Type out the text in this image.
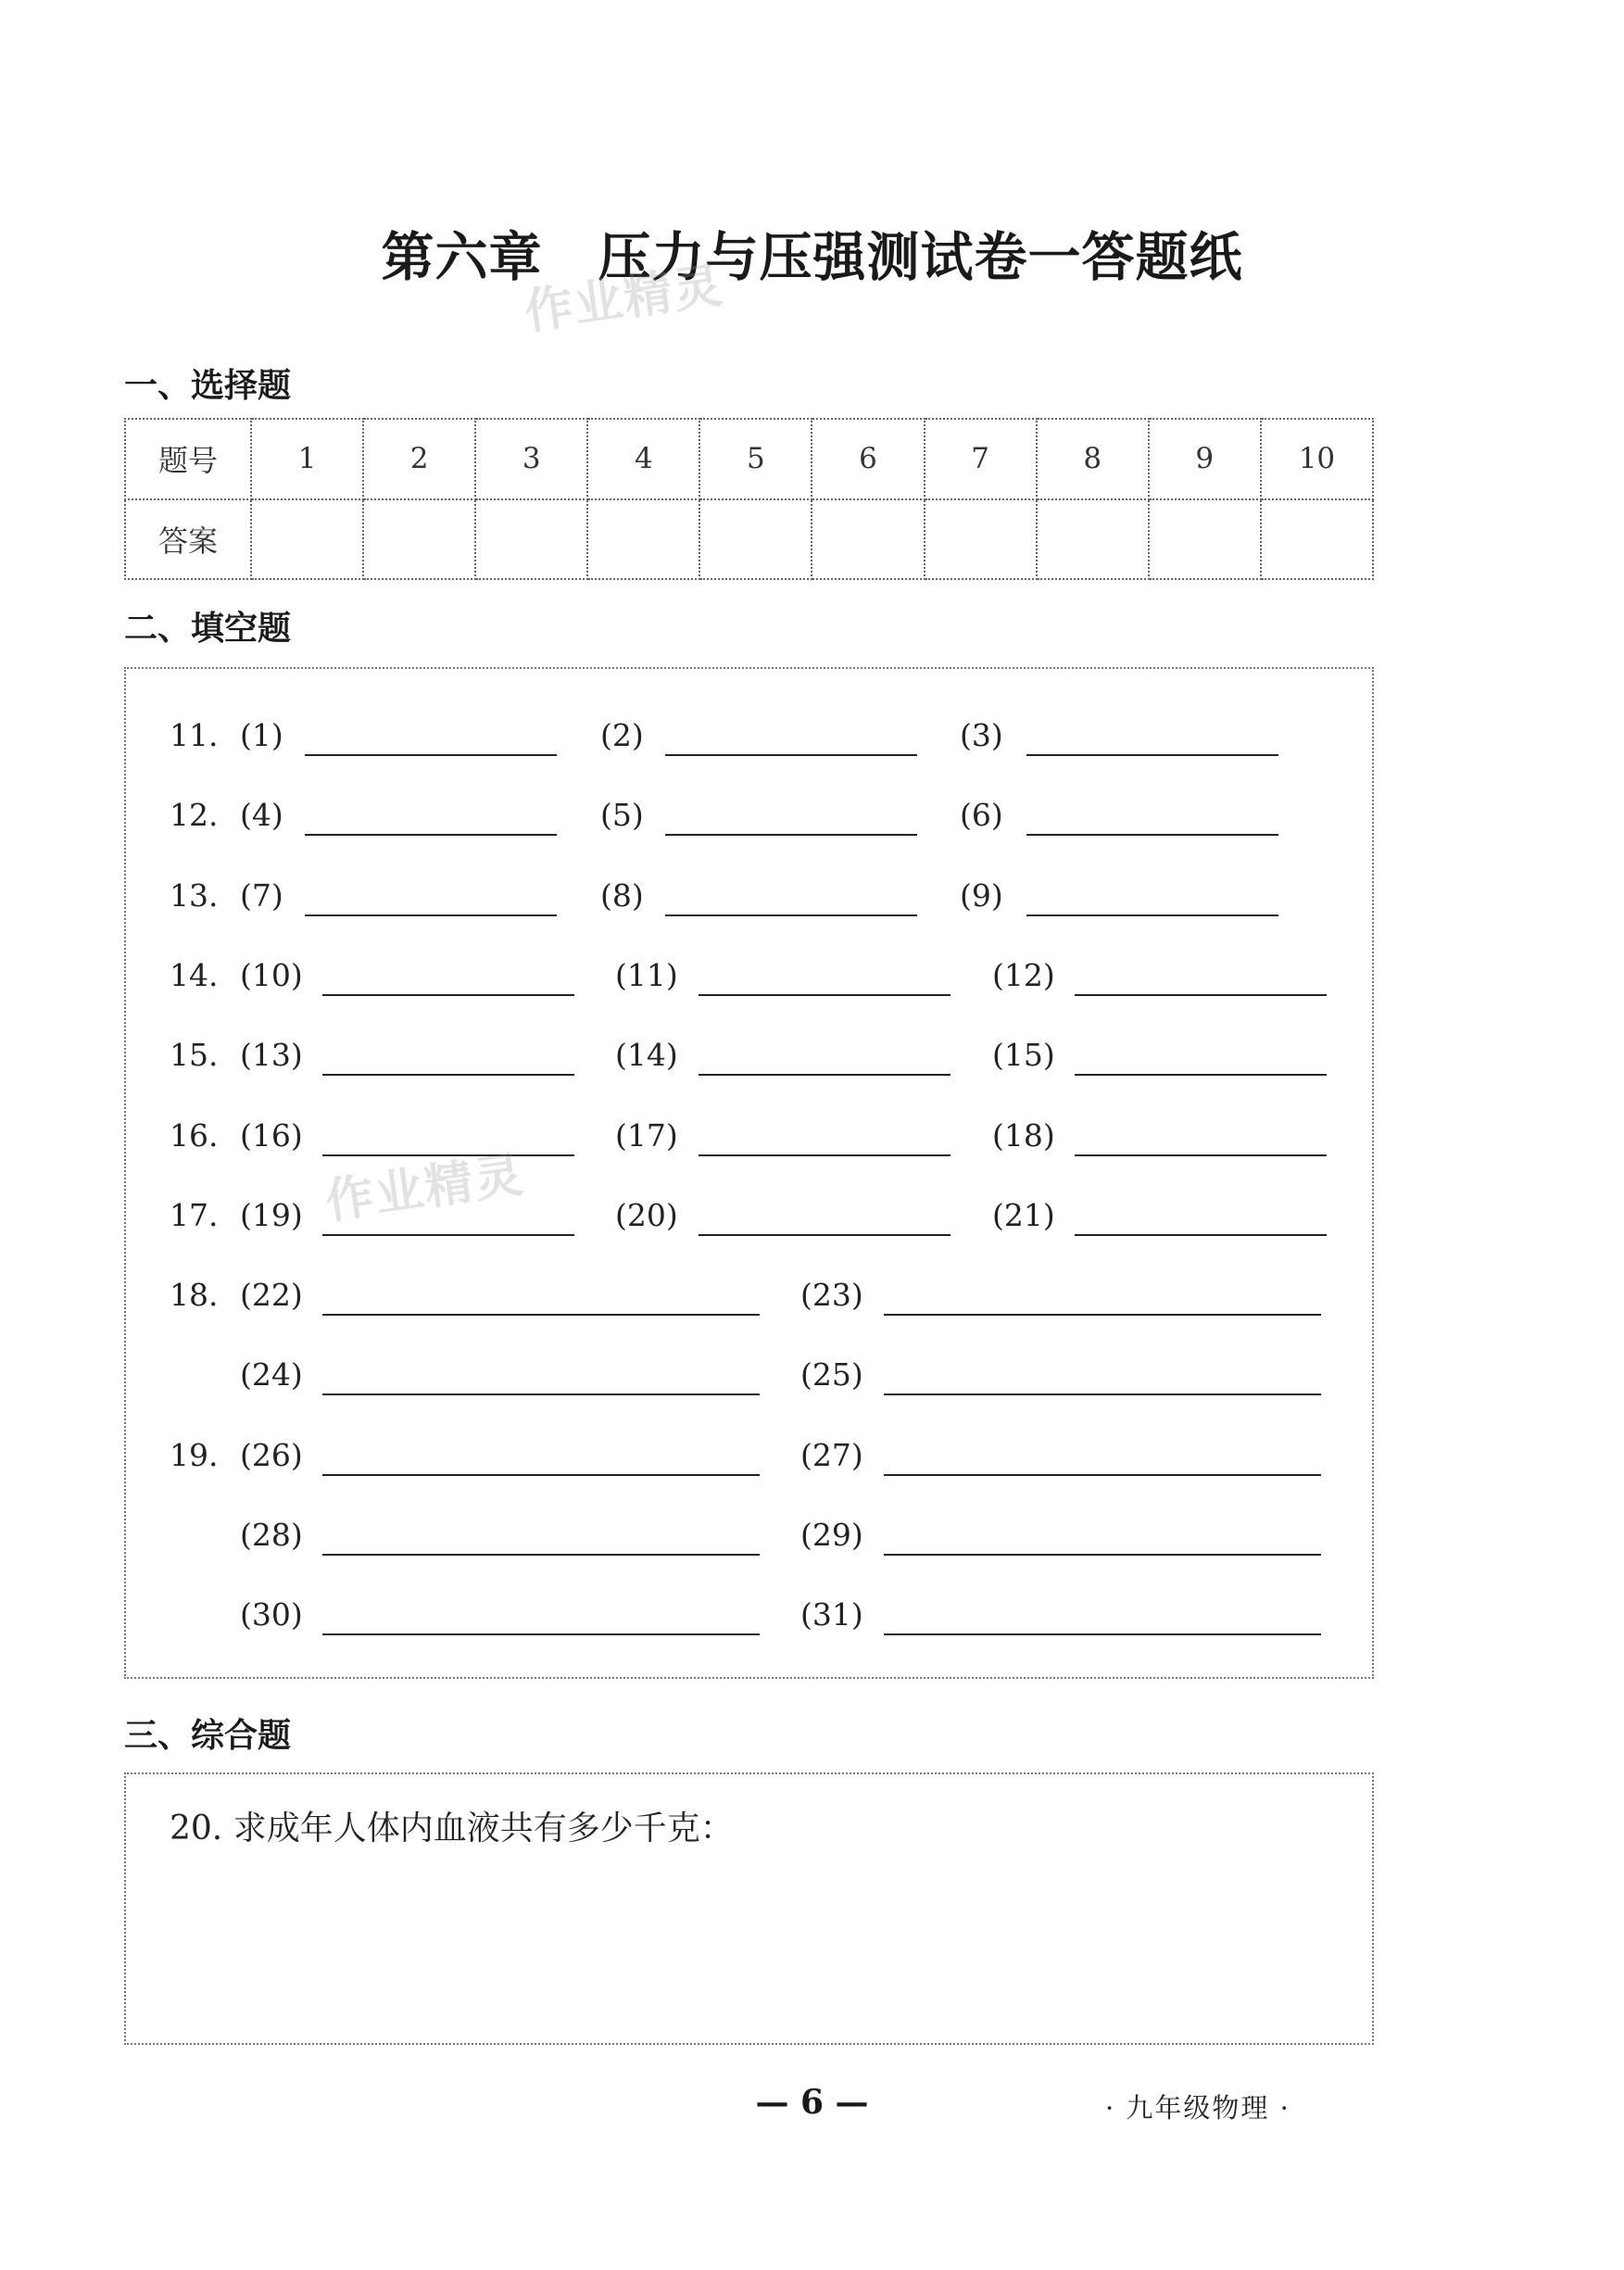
第六章 压力与压强测试卷一答题纸
作业精灵
一、选择题
题号	1	2	3	4	5	6	7	8	9	10
答案										
二、填空题
11. (1)	(2)	(3)
12. (4)	(5)	(6)
13. (7)	(8)	(9)
14. (10)	(11)	(12)
15. (13)	(14)	(15)
16. (16)	(17)	(18)
17. (19)	(20)	(21)
18. (22)	(23)
(24)	(25)
19. (26)	(27)
(28)	(29)
(30)	(31)
作业精灵
三、综合题
20. 求成年人体内血液共有多少千克：
— 6 —	· 九年级物理 ·
